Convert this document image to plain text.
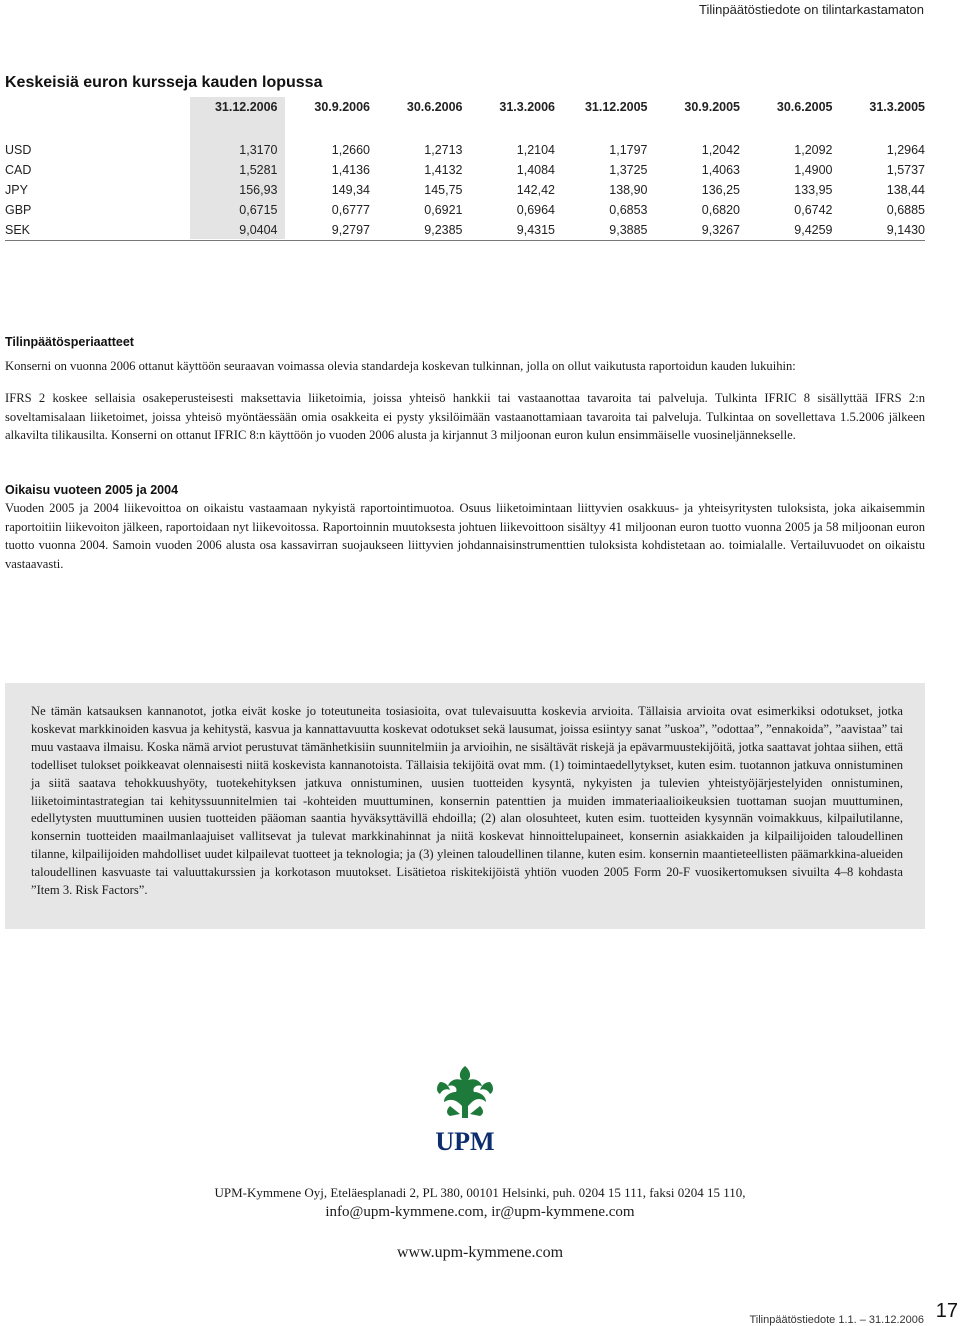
Tilinpäätöstiedote on tilintarkastamaton
Keskeisiä euron kursseja kauden lopussa
	31.12.2006	30.9.2006	30.6.2006	31.3.2006	31.12.2005	30.9.2005	30.6.2005	31.3.2005

USD	1,3170	1,2660	1,2713	1,2104	1,1797	1,2042	1,2092	1,2964
CAD	1,5281	1,4136	1,4132	1,4084	1,3725	1,4063	1,4900	1,5737
JPY	156,93	149,34	145,75	142,42	138,90	136,25	133,95	138,44
GBP	0,6715	0,6777	0,6921	0,6964	0,6853	0,6820	0,6742	0,6885
SEK	9,0404	9,2797	9,2385	9,4315	9,3885	9,3267	9,4259	9,1430
Tilinpäätösperiaatteet
Konserni on vuonna 2006 ottanut käyttöön seuraavan voimassa olevia standardeja koskevan tulkinnan, jolla on ollut vaikutusta raportoidun kauden lukuihin:
IFRS 2 koskee sellaisia osakeperusteisesti maksettavia liiketoimia, joissa yhteisö hankkii tai vastaanottaa tavaroita tai palveluja. Tulkinta IFRIC 8 sisällyttää IFRS 2:n soveltamisalaan liiketoimet, joissa yhteisö myöntäessään omia osakkeita ei pysty yksilöimään vastaanottamiaan tavaroita tai palveluja. Tulkintaa on sovellettava 1.5.2006 jälkeen alkavilta tilikausilta. Konserni on ottanut IFRIC 8:n käyttöön jo vuoden 2006 alusta ja kirjannut 3 miljoonan euron kulun ensimmäiselle vuosineljännekselle.
Oikaisu vuoteen 2005 ja 2004
Vuoden 2005 ja 2004 liikevoittoa on oikaistu vastaamaan nykyistä raportointimuotoa. Osuus liiketoimintaan liittyvien osakkuus- ja yhteisyritysten tuloksista, joka aikaisemmin raportoitiin liikevoiton jälkeen, raportoidaan nyt liikevoitossa. Raportoinnin muutoksesta johtuen liikevoittoon sisältyy 41 miljoonan euron tuotto vuonna 2005 ja 58 miljoonan euron tuotto vuonna 2004. Samoin vuoden 2006 alusta osa kassavirran suojaukseen liittyvien johdannaisinstrumenttien tuloksista kohdistetaan ao. toimialalle. Vertailuvuodet on oikaistu vastaavasti.

Ne tämän katsauksen kannanotot, jotka eivät koske jo toteutuneita tosiasioita, ovat tulevaisuutta koskevia arvioita. Tällaisia arvioita ovat esimerkiksi odotukset, jotka koskevat markkinoiden kasvua ja kehitystä, kasvua ja kannattavuutta koskevat odotukset sekä lausumat, joissa esiintyy sanat ”uskoa”, ”odottaa”, ”ennakoida”, ”aavistaa” tai muu vastaava ilmaisu. Koska nämä arviot perustuvat tämänhetkisiin suunnitelmiin ja arvioihin, ne sisältävät riskejä ja epävarmuustekijöitä, jotka saattavat johtaa siihen, että todelliset tulokset poikkeavat olennaisesti niitä koskevista kannanotoista. Tällaisia tekijöitä ovat mm. (1) toimintaedellytykset, kuten esim. tuotannon jatkuva onnistuminen ja siitä saatava tehokkuushyöty, tuotekehityksen jatkuva onnistuminen, uusien tuotteiden kysyntä, nykyisten ja tulevien yhteistyöjärjestelyiden onnistuminen, liiketoimintastrategian tai kehityssuunnitelmien tai -kohteiden muuttuminen, konsernin patenttien ja muiden immateriaalioikeuksien tuottaman suojan muuttuminen, edellytysten muuttuminen uusien tuotteiden pääoman saantia hyväksyttävillä ehdoilla; (2) alan olosuhteet, kuten esim. tuotteiden kysynnän voimakkuus, kilpailutilanne, konsernin tuotteiden maailmanlaajuiset vallitsevat ja tulevat markkinahinnat ja niitä koskevat hinnoittelupaineet, konsernin asiakkaiden ja kilpailijoiden taloudellinen tilanne, kilpailijoiden mahdolliset uudet kilpailevat tuotteet ja teknologia; ja (3) yleinen taloudellinen tilanne, kuten esim. konsernin maantieteellisten päämarkkina-alueiden taloudellinen kasvuaste tai valuuttakurssien ja korkotason muutokset. Lisätietoa riskitekijöistä yhtiön vuoden 2005 Form 20-F vuosikertomuksen sivuilta 4–8 kohdasta ”Item 3. Risk Factors”.

UPM
UPM-Kymmene Oyj, Eteläesplanadi 2, PL 380, 00101 Helsinki, puh. 0204 15 111, faksi 0204 15 110,
info@upm-kymmene.com, ir@upm-kymmene.com
www.upm-kymmene.com
Tilinpäätöstiedote 1.1. – 31.12.2006 17
